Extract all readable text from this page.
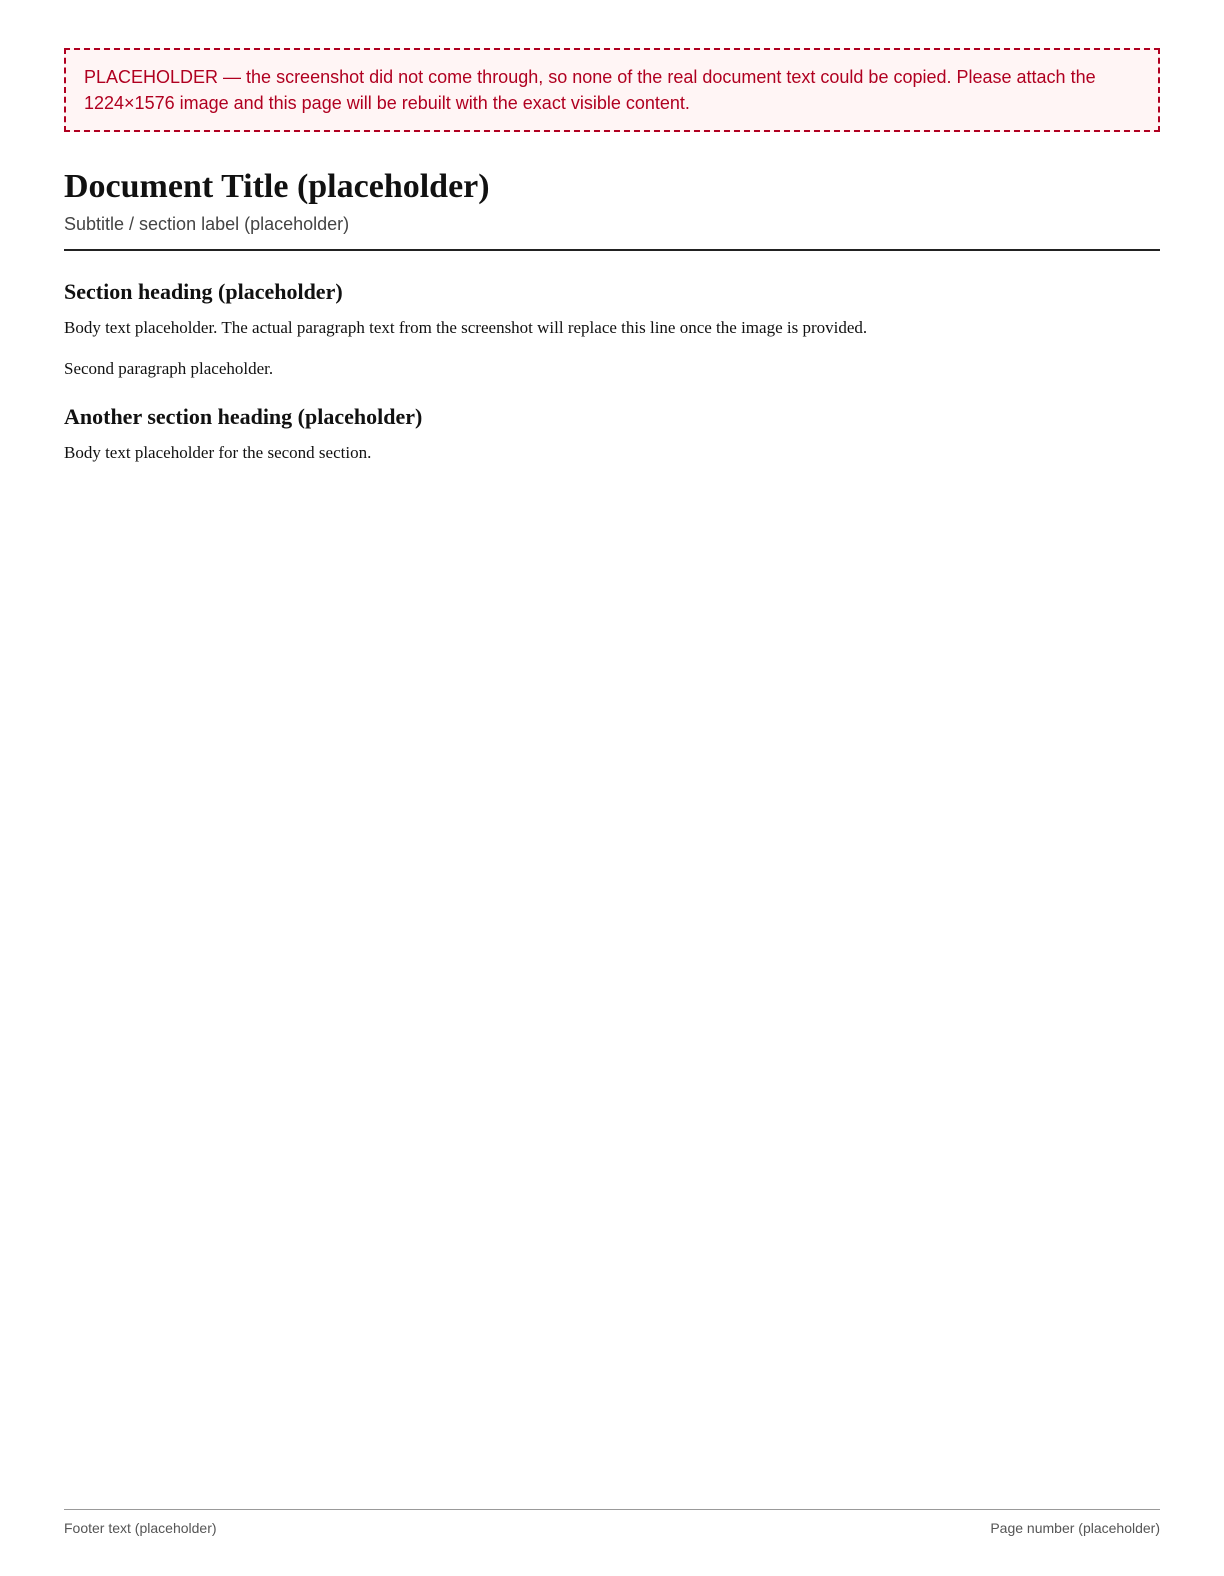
PLACEHOLDER — the screenshot did not come through, so none of the real document text could be copied. Please attach the 1224×1576 image and this page will be rebuilt with the exact visible content.
Document Title (placeholder)
Subtitle / section label (placeholder)
Section heading (placeholder)

Body text placeholder. The actual paragraph text from the screenshot will replace this line once the image is provided.

Second paragraph placeholder.

Another section heading (placeholder)

Body text placeholder for the second section.

Footer text (placeholder)	Page number (placeholder)
